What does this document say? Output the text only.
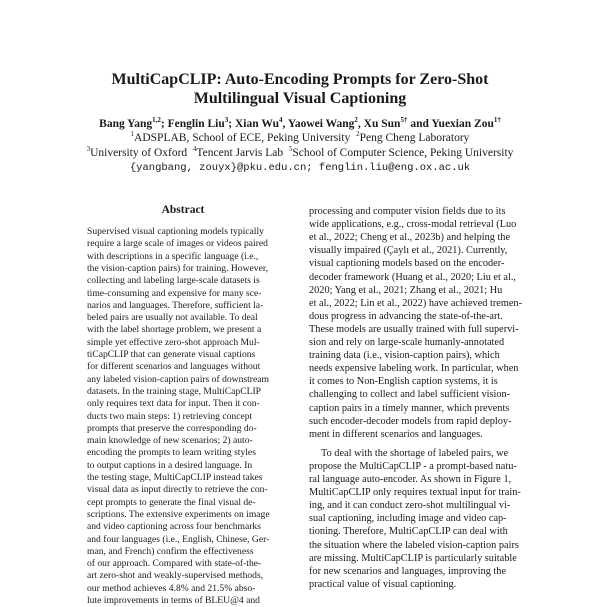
MultiCapCLIP: Auto-Encoding Prompts for Zero-Shot
Multilingual Visual Captioning
Bang Yang$^{1,2}$; Fenglin Liu$^3$; Xian Wu$^4$, Yaowei Wang$^2$, Xu Sun$^{5\dagger}$ and Yuexian Zou$^{1\dagger}$
$^1$ADSPLAB, School of ECE, Peking University $^2$Peng Cheng Laboratory
$^3$University of Oxford $^4$Tencent Jarvis Lab $^5$School of Computer Science, Peking University
{yangbang, zouyx}@pku.edu.cn; fenglin.liu@eng.ox.ac.uk
Abstract
Supervised visual captioning models typically
require a large scale of images or videos paired
with descriptions in a specific language (i.e.,
the vision-caption pairs) for training. However,
collecting and labeling large-scale datasets is
time-consuming and expensive for many sce-
narios and languages. Therefore, sufficient la-
beled pairs are usually not available. To deal
with the label shortage problem, we present a
simple yet effective zero-shot approach Mul-
tiCapCLIP that can generate visual captions
for different scenarios and languages without
any labeled vision-caption pairs of downstream
datasets. In the training stage, MultiCapCLIP
only requires text data for input. Then it con-
ducts two main steps: 1) retrieving concept
prompts that preserve the corresponding do-
main knowledge of new scenarios; 2) auto-
encoding the prompts to learn writing styles
to output captions in a desired language. In
the testing stage, MultiCapCLIP instead takes
visual data as input directly to retrieve the con-
cept prompts to generate the final visual de-
scriptions. The extensive experiments on image
and video captioning across four benchmarks
and four languages (i.e., English, Chinese, Ger-
man, and French) confirm the effectiveness
of our approach. Compared with state-of-the-
art zero-shot and weakly-supervised methods,
our method achieves 4.8% and 21.5% abso-
lute improvements in terms of BLEU@4 and
processing and computer vision fields due to its
wide applications, e.g., cross-modal retrieval (Luo
et al., 2022; Cheng et al., 2023b) and helping the
visually impaired (Çaylı et al., 2021). Currently,
visual captioning models based on the encoder-
decoder framework (Huang et al., 2020; Liu et al.,
2020; Yang et al., 2021; Zhang et al., 2021; Hu
et al., 2022; Lin et al., 2022) have achieved tremen-
dous progress in advancing the state-of-the-art.
These models are usually trained with full supervi-
sion and rely on large-scale humanly-annotated
training data (i.e., vision-caption pairs), which
needs expensive labeling work. In particular, when
it comes to Non-English caption systems, it is
challenging to collect and label sufficient vision-
caption pairs in a timely manner, which prevents
such encoder-decoder models from rapid deploy-
ment in different scenarios and languages.
To deal with the shortage of labeled pairs, we
propose the MultiCapCLIP - a prompt-based natu-
ral language auto-encoder. As shown in Figure 1,
MultiCapCLIP only requires textual input for train-
ing, and it can conduct zero-shot multilingual vi-
sual captioning, including image and video cap-
tioning. Therefore, MultiCapCLIP can deal with
the situation where the labeled vision-caption pairs
are missing. MultiCapCLIP is particularly suitable
for new scenarios and languages, improving the
practical value of visual captioning.
